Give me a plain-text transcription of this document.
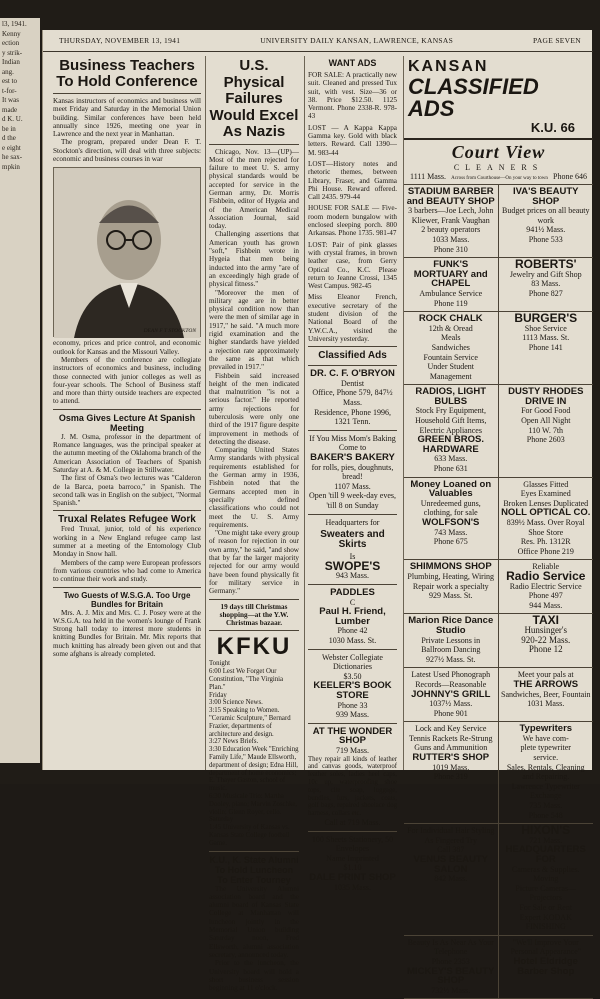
l3, 1941.
Kenny
ection
y strik-
Indian
ang.
est to
t-for-
It was
made
d K. U.
be in
d the
e eight
he sax-
mpkin
THURSDAY, NOVEMBER 13, 1941	UNIVERSITY DAILY KANSAN, LAWRENCE, KANSAS	PAGE SEVEN
Business Teachers To Hold Conference

Kansas instructors of economics and business will meet Friday and Saturday in the Memorial Union building. Similar conferences have been held annually since 1926, meeting one year in Lawrence and the next year in Manhattan.

The program, prepared under Dean F. T. Stockton's direction, will deal with three subjects: economic and business courses in war

DEAN F T STOCKTON

economy, prices and price control, and economic outlook for Kansas and the Missouri Valley.

Members of the conference are collegiate instructors of economics and business, including those connected with junior colleges as well as four-year schools. The School of Business staff and more than thirty outside teachers are expected to attend.

Osma Gives Lecture At Spanish Meeting

J. M. Osma, professor in the department of Romance languages, was the principal speaker at the autumn meeting of the Oklahoma branch of the American Association of Teachers of Spanish Saturday at A. & M. College in Stillwater.

The first of Osma's two lectures was "Calderon de la Barca, poeta barroco," in Spanish. The second talk was in English on the subject, "Normal Spanish."

Truxal Relates Refugee Work

Fred Truxal, junior, told of his experience working in a New England refugee camp last summer at a meeting of the Entomology Club Monday in Snow hall.

Members of the camp were European professors from various countries who had come to America to continue their work and study.

Two Guests of W.S.G.A. Too Urge Bundles for Britain

Mrs. A. J. Mix and Mrs. C. J. Posey were at the W.S.G.A. tea held in the women's lounge of Frank Strong hall today to interest more students in knitting Bundles for Britain. Mr. Mix reports that much knitting has already been given out and that some afghans is already completed.

U.S. Physical Failures Would Excel As Nazis

Chicago, Nov. 13—(UP)—Most of the men rejected for failure to meet U. S. army physical standards would be accepted for service in the German army, Dr. Morris Fishbein, editor of Hygeia and of the American Medical Association Journal, said today.

Challenging assertions that American youth has grown "soft," Fishbein wrote in Hygeia that men being inducted into the army "are of an exceedingly high grade of physical fitness."

"Moreover the men of military age are in better physical condition now than were the men of similar age in 1917," he said. "A much more rigid examination and the higher standards have yielded a rejection rate approximately the same as that which prevailed in 1917."

Fishbein said increased height of the men indicated that malnutrition "is not a serious factor." He reported army rejections for tuberculosis were only one third of the 1917 figure despite improvement in methods of detecting the disease.

Comparing United States Army standards with physical requirements established for the German army in 1936, Fishbein noted that the Germans accepted men in specially defined classifications who could not meet the U. S. Army requirements.

"One might take every group of reason for rejection in our own army," he said, "and show that by far the larger majority rejected for our army would have been found physically fit for military service in Germany."

19 days till Christmas shopping—at the Y.W. Christmas bazaar.

KFKU

Tonight
6:00 Lest We Forget Our Constitution, "The Virginia Plan."
Friday
3:00 Science News.
3:15 Speaking to Women. "Ceramic Sculpture," Bernard Frazier, departments of architecture and design.
3:27 News Briefs.
3:30 Education Week "Enriching Family Life," Maude Ellsworth, department of design; Edna Hill, department of home economics; E. Thayer Gaston, school of music.
6:30 Musicale Trio: Martha Dooley, piano; Marvin Zoschke, violin; Glenn Royer, cello.
Saturday
1:45 University of Kansas vs. Kansas State College football Game.

K.U., K. State Alumni To Hold Luncheon To Enter Tourney

The University Alumni association board and the alumni board of Kansas State College at Manhattan will luncheon jointly in the Memorial Union building Saturday noon, Fred Ellsworth, alumni association secretary, announced today.

Prior to the luncheon, the University board will hold a short business session beginning at 11 o'clock.

WANT ADS

FOR SALE: A practically new suit. Cleaned and pressed Tux suit, with vest. Size—36 or 38. Price $12.50. 1125 Vermont. Phone 2338-R. 978-43

LOST — A Kappa Kappa Gamma key. Gold with black letters. Reward. Call 1390—M. 983-44

LOST—History notes and rhetoric themes, between Library, Fraser, and Gamma Phi House. Reward offered. Call 2435. 979-44

HOUSE FOR SALE — Five-room modern bungalow with enclosed sleeping porch. 800 Arkansas. Phone 1735. 981-47

LOST: Pair of pink glasses with crystal frames, in brown leather case, from Gerry Optical Co., K.C. Please return to Jeanne Crossi, 1345 West Campus. 982-45

Miss Eleanor French, executive secretary of the student division of the National Board of the Y.W.C.A., visited the University yesterday.

Classified Ads
DR. C. F. O'BRYON
Dentist
Office, Phone 579, 847½ Mass.
Residence, Phone 1996, 1321 Tenn.
If You Miss Mom's Baking Come to
BAKER'S BAKERY
for rolls, pies, doughnuts, bread!
1107 Mass.
Open 'till 9 week-day eves,
'till 8 on Sunday
Headquarters for
Sweaters and Skirts
Is
SWOPE'S
943 Mass.
PADDLES
C
Paul H. Friend, Lumber
Phone 42
1030 Mass. St.
Webster Collegiate Dictionaries
$3.50
KEELER'S BOOK STORE
Phone 33
939 Mass.
AT THE WONDER SHOP
719 Mass.
They repair all kinds of leather and canvas goods, waterproof leather soles, ladies heel caps, 10c up, waterproofing shoe tops, cite soap, luggage, bundles, furs, jackets, coats, golf bags, repaired shoelace dog harness, collars etc.
Call at 719 Mass.
100 Sheets Stationery, 50 Envelopes
Name Imprinted
$1.10
DALE PRINT SHOP
1035 Mass.
KANSAN
CLASSIFIED ADS
K.U. 66
Court View
CLEANERS
1111 Mass. Across from Courthouse—On your way to town Phone 646
STADIUM BARBER and BEAUTY SHOP
3 barbers—Joe Lech, John Kliewer, Frank Vaughan
2 beauty operators
1033 Mass.
Phone 310
IVA'S BEAUTY SHOP
Budget prices on all beauty work
941½ Mass.
Phone 533
FUNK'S MORTUARY and CHAPEL
Ambulance Service
Phone 119
ROBERTS'
Jewelry and Gift Shop
83 Mass.
Phone 827
ROCK CHALK
12th & Oread
Meals
Sandwiches
Fountain Service
Under Student Management
BURGER'S
Shoe Service
1113 Mass. St.
Phone 141
RADIOS, LIGHT BULBS
Stock Fry Equipment, Household Gift Items, Electric Appliances
GREEN BROS. HARDWARE
633 Mass.
Phone 631
DUSTY RHODES DRIVE IN
For Good Food
Open All Night
110 W. 7th
Phone 2603
Money Loaned on Valuables
Unredeemed guns, clothing, for sale
WOLFSON'S
743 Mass.
Phone 675
Glasses Fitted
Eyes Examined
Broken Lenses Duplicated
NOLL OPTICAL CO.
839½ Mass. Over Royal Shoe Store
Res. Ph. 1312R
Office Phone 219
SHIMMONS SHOP
Plumbing, Heating, Wiring
Repair work a specialty
929 Mass. St.
Reliable
Radio Service
Radio Electric Service
Phone 497
944 Mass.
Marion Rice Dance Studio
Private Lessons in Ballroom Dancing
927½ Mass. St.
TAXI
Hunsinger's
920-22 Mass.
Phone 12
Latest Used Phonograph Records—Reasonable
JOHNNY'S GRILL
1037½ Mass.
Phone 901
Meet your pals at
THE ARROWS
Sandwiches, Beer, Fountain
1031 Mass.
Lock and Key Service
Tennis Rackets Re-Strung
Guns and Ammunition
RUTTER'S SHOP
1019 Mass.
Phone 319
Typewriters
We have com-
plete typewriter
service.
Sales, Rentals, Cleaning and Repairing.
Lawrence Typewriter Exchange
735 Mass.
Phone 548
For Individual Hair Styling
As Fingered Try
Call 387
VENUS BEAUTY SALON
842 Mass.
HIXON'S
721 Mass.
HEADQUARTERS FOR
Cameras & Supplies. Moving
Picture Cameras—Projectors
For Sale or Rent
Expert KODAK FINISHING
Beauty Is As Near As Your Telephone
Phone 2353
MICKEY'S BEAUTY SHOP
732½ Mass.
"We'll Improve Your Personal Appearance"
Hotel Eldridge Barber Shop
